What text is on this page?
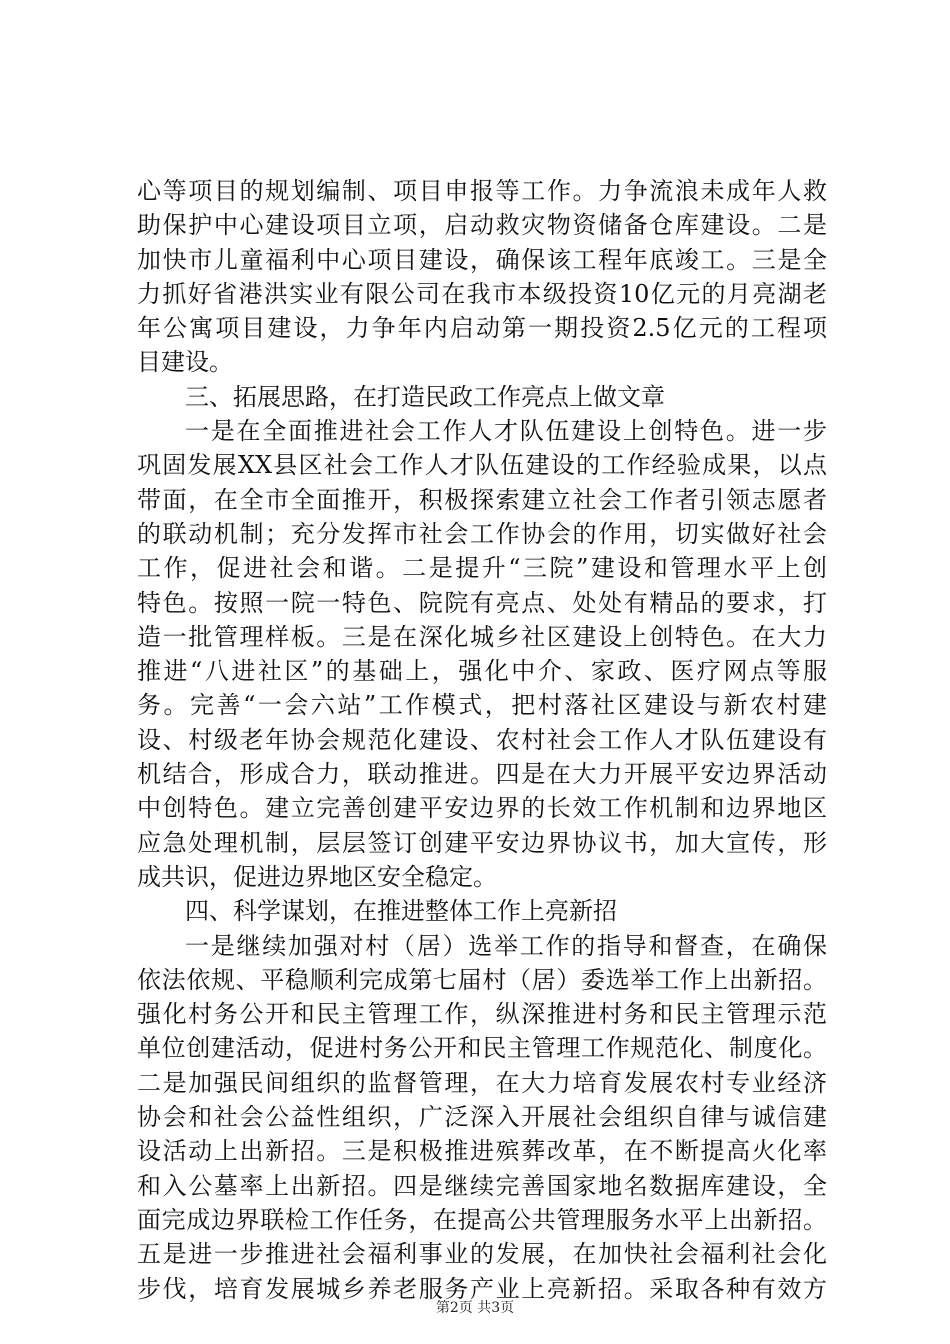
心等项目的规划编制、项目申报等工作。力争流浪未成年人救
助保护中心建设项目立项，启动救灾物资储备仓库建设。二是
加快市儿童福利中心项目建设，确保该工程年底竣工。三是全
力抓好省港洪实业有限公司在我市本级投资10亿元的月亮湖老
年公寓项目建设，力争年内启动第一期投资2.5亿元的工程项
目建设。
三、拓展思路，在打造民政工作亮点上做文章
一是在全面推进社会工作人才队伍建设上创特色。进一步
巩固发展XX县区社会工作人才队伍建设的工作经验成果，以点
带面，在全市全面推开，积极探索建立社会工作者引领志愿者
的联动机制；充分发挥市社会工作协会的作用，切实做好社会
工作，促进社会和谐。二是提升“三院”建设和管理水平上创
特色。按照一院一特色、院院有亮点、处处有精品的要求，打
造一批管理样板。三是在深化城乡社区建设上创特色。在大力
推进“八进社区”的基础上，强化中介、家政、医疗网点等服
务。完善“一会六站”工作模式，把村落社区建设与新农村建
设、村级老年协会规范化建设、农村社会工作人才队伍建设有
机结合，形成合力，联动推进。四是在大力开展平安边界活动
中创特色。建立完善创建平安边界的长效工作机制和边界地区
应急处理机制，层层签订创建平安边界协议书，加大宣传，形
成共识，促进边界地区安全稳定。
四、科学谋划，在推进整体工作上亮新招
一是继续加强对村（居）选举工作的指导和督查，在确保
依法依规、平稳顺利完成第七届村（居）委选举工作上出新招。
强化村务公开和民主管理工作，纵深推进村务和民主管理示范
单位创建活动，促进村务公开和民主管理工作规范化、制度化。
二是加强民间组织的监督管理，在大力培育发展农村专业经济
协会和社会公益性组织，广泛深入开展社会组织自律与诚信建
设活动上出新招。三是积极推进殡葬改革，在不断提高火化率
和入公墓率上出新招。四是继续完善国家地名数据库建设，全
面完成边界联检工作任务，在提高公共管理服务水平上出新招。
五是进一步推进社会福利事业的发展，在加快社会福利社会化
步伐，培育发展城乡养老服务产业上亮新招。采取各种有效方
第2页 共3页
